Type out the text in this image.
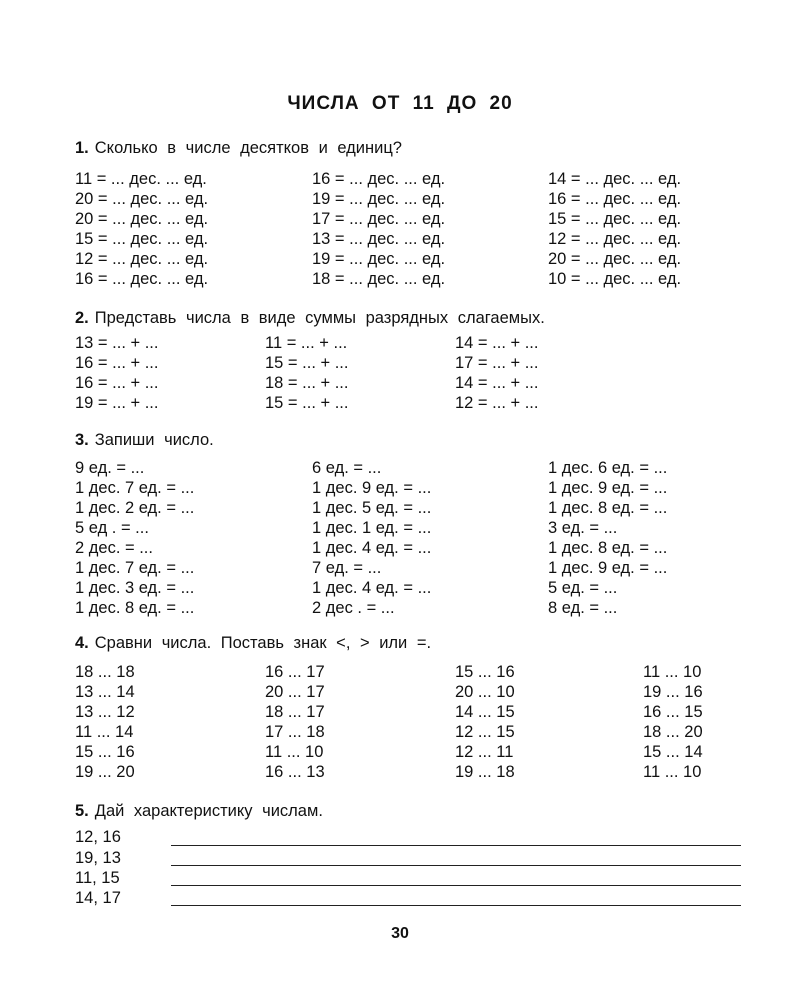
ЧИСЛА ОТ 11 ДО 20
1. Сколько в числе десятков и единиц?
11 = ... дес. ... ед.
20 = ... дес. ... ед.
20 = ... дес. ... ед.
15 = ... дес. ... ед.
12 = ... дес. ... ед.
16 = ... дес. ... ед.
16 = ... дес. ... ед.
19 = ... дес. ... ед.
17 = ... дес. ... ед.
13 = ... дес. ... ед.
19 = ... дес. ... ед.
18 = ... дес. ... ед.
14 = ... дес. ... ед.
16 = ... дес. ... ед.
15 = ... дес. ... ед.
12 = ... дес. ... ед.
20 = ... дес. ... ед.
10 = ... дес. ... ед.
2. Представь числа в виде суммы разрядных слагаемых.
13 = ... + ...
16 = ... + ...
16 = ... + ...
19 = ... + ...
11 = ... + ...
15 = ... + ...
18 = ... + ...
15 = ... + ...
14 = ... + ...
17 = ... + ...
14 = ... + ...
12 = ... + ...
3. Запиши число.
9 ед. = ...
1 дес. 7 ед. = ...
1 дес. 2 ед. = ...
5 ед . = ...
2 дес. = ...
1 дес. 7 ед. = ...
1 дес. 3 ед. = ...
1 дес. 8 ед. = ...
6 ед. = ...
1 дес. 9 ед. = ...
1 дес. 5 ед. = ...
1 дес. 1 ед. = ...
1 дес. 4 ед. = ...
7 ед. = ...
1 дес. 4 ед. = ...
2 дес . = ...
1 дес. 6 ед. = ...
1 дес. 9 ед. = ...
1 дес. 8 ед. = ...
3 ед. = ...
1 дес. 8 ед. = ...
1 дес. 9 ед. = ...
5 ед. = ...
8 ед. = ...
4. Сравни числа. Поставь знак <, > или =.
18 ... 18
13 ... 14
13 ... 12
11 ... 14
15 ... 16
19 ... 20
16 ... 17
20 ... 17
18 ... 17
17 ... 18
11 ... 10
16 ... 13
15 ... 16
20 ... 10
14 ... 15
12 ... 15
12 ... 11
19 ... 18
11 ... 10
19 ... 16
16 ... 15
18 ... 20
15 ... 14
11 ... 10
5. Дай характеристику числам.
12, 16
19, 13
11, 15
14, 17
30
